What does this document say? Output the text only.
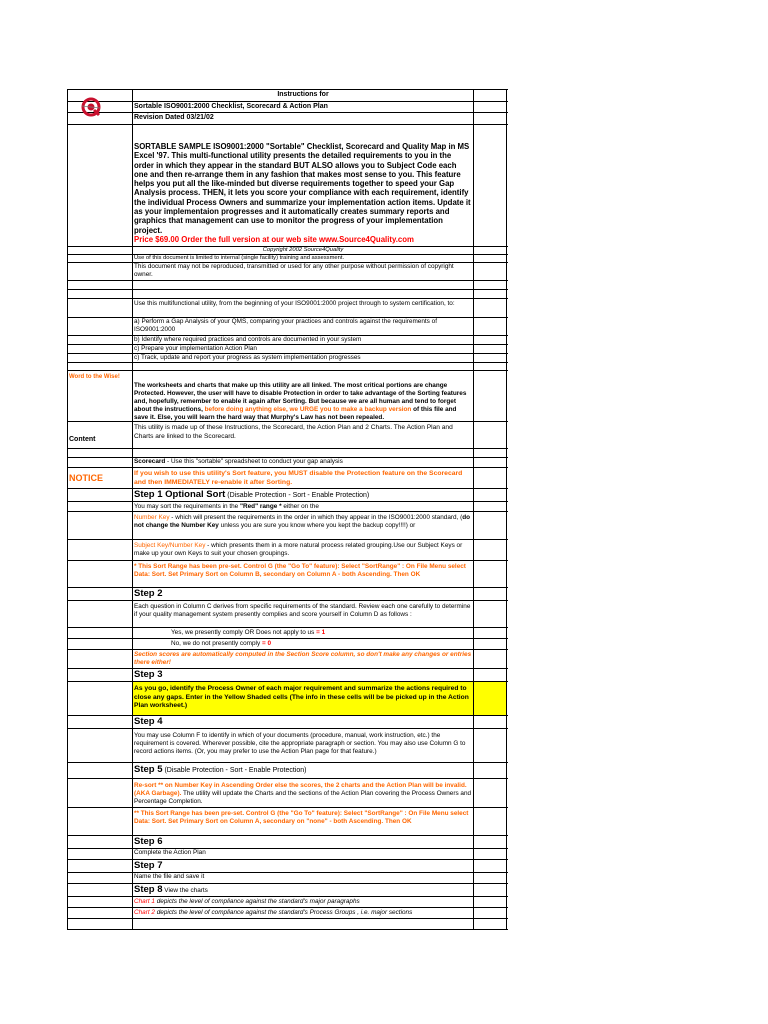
Instructions for
Sortable ISO9001:2000 Checklist, Scorecard & Action Plan
Revision Dated 03/21/02
SORTABLE SAMPLE ISO9001:2000 "Sortable" Checklist, Scorecard and Quality Map in MS Excel '97. This multi-functional utility presents the detailed requirements to you in the order in which they appear in the standard BUT ALSO allows you to Subject Code each one and then re-arrange them in any fashion that makes most sense to you. This feature helps you put all the like-minded but diverse requirements together to speed your Gap Analysis process. THEN, it lets you score your compliance with each requirement, identify the individual Process Owners and summarize your implementation action items. Update it as your implementaion progresses and it automatically creates summary reports and graphics that management can use to monitor the progress of your implementation project.
Price $69.00 Order the full version at our web site www.Source4Quality.com
Copyright 2002 Source4Quality
Use of this document is limited to internal (single facility) training and assessment.
This document may not be reproduced, transmitted or used for any other purpose without permission of copyright owner.
Use this multifunctional utility, from the beginning of your ISO9001:2000 project through to system certification, to:
a) Perform a Gap Analysis of your QMS, comparing your practices and controls against the requirements of ISO9001:2000
b) Identify where required practices and controls are documented in your system
c) Prepare your implementation Action Plan
c) Track, update and report your progress as system implementation progresses
Word to the Wise!
The worksheets and charts that make up this utility are all linked. The most critical portions are change Protected. However, the user will have to disable Protection in order to take advantage of the Sorting features and, hopefully, remember to enable it again after Sorting. But because we are all human and tend to forget about the instructions, before doing anything else, we URGE you to make a backup version of this file and save it. Else, you will learn the hard way that Murphy's Law has not been repealed.
Content
This utility is made up of these Instructions, the Scorecard, the Action Plan and 2 Charts. The Action Plan and Charts are linked to the Scorecard.
Scorecard - Use this "sortable" spreadsheet to conduct your gap analysis
NOTICE	If you wish to use this utility's Sort feature, you MUST disable the Protection feature on the Scorecard and then IMMEDIATELY re-enable it after Sorting.
Step 1 Optional Sort (Disable Protection - Sort - Enable Protection)
You may sort the requirements in the "Red" range * either on the
Number Key - which will present the requirements in the order in which they appear in the ISO9001:2000 standard, (do not change the Number Key unless you are sure you know where you kept the backup copy!!!!) or
Subject Key/Number Key - which presents them in a more natural process related grouping.Use our Subject Keys or make up your own Keys to suit your chosen groupings.
* This Sort Range has been pre-set. Control G (the "Go To" feature): Select "SortRange" : On File Menu select Data: Sort. Set Primary Sort on Column B, secondary on Column A - both Ascending. Then OK
Step 2
Each question in Column C derives from specific requirements of the standard. Review each one carefully to determine if your quality management system presently complies and score yourself in Column D as follows :
Yes, we presently comply OR Does not apply to us = 1
No, we do not presently comply = 0
Section scores are automatically computed in the Section Score column, so don't make any changes or entries there either!
Step 3
As you go, identify the Process Owner of each major requirement and summarize the actions required to close any gaps. Enter in the Yellow Shaded cells (The info in these cells will be be picked up in the Action Plan worksheet.)
Step 4
You may use Column F to identify in which of your documents (procedure, manual, work instruction, etc.) the requirement is covered. Wherever possible, cite the appropriate paragraph or section. You may also use Column G to record actions items. (Or, you may prefer to use the Action Plan page for that feature.)
Step 5 (Disable Protection - Sort - Enable Protection)
Re-sort ** on Number Key in Ascending Order else the scores, the 2 charts and the Action Plan will be invalid. (AKA Garbage). The utility will update the Charts and the sections of the Action Plan covering the Process Owners and Percentage Completion.
** This Sort Range has been pre-set. Control G (the "Go To" feature): Select "SortRange" : On File Menu select Data: Sort. Set Primary Sort on Column A, secondary on "none" - both Ascending. Then OK
Step 6
Complete the Action Plan
Step 7
Name the file and save it
Step 8 View the charts
Chart 1 depicts the level of compliance against the standard's major paragraphs
Chart 2 depicts the level of compliance against the standard's Process Groups , i.e. major sections
